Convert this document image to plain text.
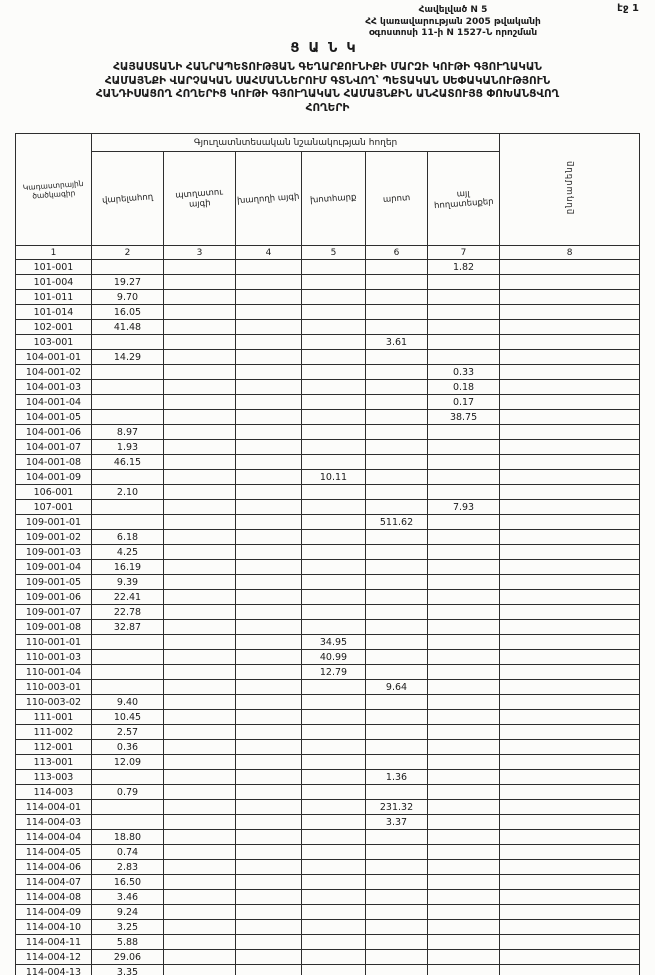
էջ 1
Հավելված N 5
ՀՀ կառավարության 2005 թվականի
օգոստոսի 11-ի N 1527-Ն որոշման
ՑԱՆԿ
ՀԱՅԱՍՏԱՆԻ ՀԱՆՐԱՊԵՏՈՒԹՅԱՆ ԳԵՂԱՐՔՈՒՆԻՔԻ ՄԱՐԶԻ ԿՈՒԹԻ ԳՅՈՒՂԱԿԱՆ
ՀԱՄԱՅՆՔԻ ՎԱՐՉԱԿԱՆ ՍԱՀՄԱՆՆԵՐՈՒՄ ԳՏՆՎՈՂ՝ ՊԵՏԱԿԱՆ ՍԵՓԱԿԱՆՈՒԹՅՈՒՆ
ՀԱՆԴԻՍԱՑՈՂ ՀՈՂԵՐԻՑ ԿՈՒԹԻ ԳՅՈՒՂԱԿԱՆ ՀԱՄԱՅՆՔԻՆ ԱՆՀԱՏՈՒՅՑ ՓՈԽԱՆՑՎՈՂ
ՀՈՂԵՐԻ
Կադաստրային ծածկագիր	Գյուղատնտեսական նշանակության հողեր						ընդամենը
	վարելահող	պտղատու այգի	խաղողի այգի	խոտհարք	արոտ	այլ հողատեսքեր	
1	2	3	4	5	6	7	8
101-001						1.82	
101-004	19.27						
101-011	9.70						
101-014	16.05						
102-001	41.48						
103-001					3.61		
104-001-01	14.29						
104-001-02						0.33	
104-001-03						0.18	
104-001-04						0.17	
104-001-05						38.75	
104-001-06	8.97						
104-001-07	1.93						
104-001-08	46.15						
104-001-09				10.11			
106-001	2.10						
107-001						7.93	
109-001-01					511.62		
109-001-02	6.18						
109-001-03	4.25						
109-001-04	16.19						
109-001-05	9.39						
109-001-06	22.41						
109-001-07	22.78						
109-001-08	32.87						
110-001-01				34.95			
110-001-03				40.99			
110-001-04				12.79			
110-003-01					9.64		
110-003-02	9.40						
111-001	10.45						
111-002	2.57						
112-001	0.36						
113-001	12.09						
113-003					1.36		
114-003	0.79						
114-004-01					231.32		
114-004-03					3.37		
114-004-04	18.80						
114-004-05	0.74						
114-004-06	2.83						
114-004-07	16.50						
114-004-08	3.46						
114-004-09	9.24						
114-004-10	3.25						
114-004-11	5.88						
114-004-12	29.06						
114-004-13	3.35						
